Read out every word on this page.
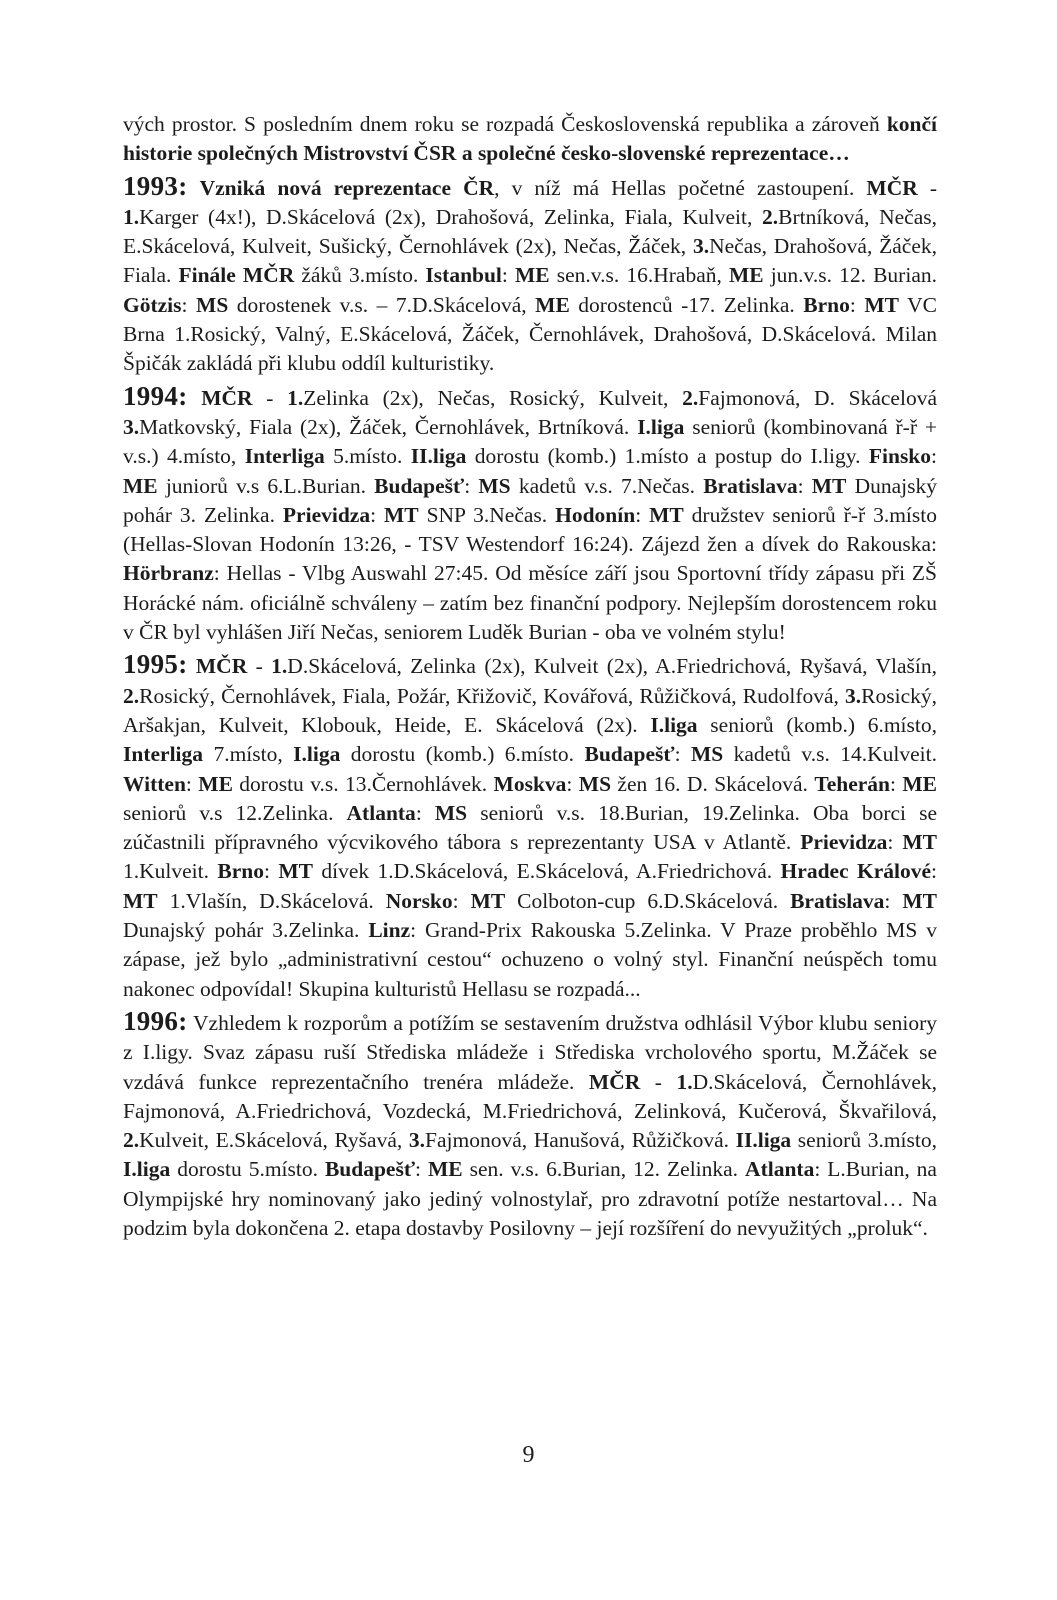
vých prostor. S posledním dnem roku se rozpadá Československá republika a zároveň končí historie společných Mistrovství ČSR a společné česko-slovenské reprezentace…

1993: Vzniká nová reprezentace ČR, v níž má Hellas početné zastoupení. MČR - 1.Karger (4x!), D.Skácelová (2x), Drahošová, Zelinka, Fiala, Kulveit, 2.Brtníková, Nečas, E.Skácelová, Kulveit, Sušický, Černohlávek (2x), Nečas, Žáček, 3.Nečas, Drahošová, Žáček, Fiala. Finále MČR žáků 3.místo. Istanbul: ME sen.v.s. 16.Hrabaň, ME jun.v.s. 12. Burian. Götzis: MS dorostenek v.s. – 7.D.Skácelová, ME dorostenců -17. Zelinka. Brno: MT VC Brna 1.Rosický, Valný, E.Skácelová, Žáček, Černohlávek, Drahošová, D.Skácelová. Milan Špičák zakládá při klubu oddíl kulturistiky.

1994: MČR - 1.Zelinka (2x), Nečas, Rosický, Kulveit, 2.Fajmonová, D. Skácelová 3.Matkovský, Fiala (2x), Žáček, Černohlávek, Brtníková. I.liga seniorů (kombinovaná ř-ř + v.s.) 4.místo, Interliga 5.místo. II.liga dorostu (komb.) 1.místo a postup do I.ligy. Finsko: ME juniorů v.s 6.L.Burian. Budapešť: MS kadetů v.s. 7.Nečas. Bratislava: MT Dunajský pohár 3. Zelinka. Prievidza: MT SNP 3.Nečas. Hodonín: MT družstev seniorů ř-ř 3.místo (Hellas-Slovan Hodonín 13:26, - TSV Westendorf 16:24). Zájezd žen a dívek do Rakouska: Hörbranz: Hellas - Vlbg Auswahl 27:45. Od měsíce září jsou Sportovní třídy zápasu při ZŠ Horácké nám. oficiálně schváleny – zatím bez finanční podpory. Nejlepším dorostencem roku v ČR byl vyhlášen Jiří Nečas, seniorem Luděk Burian - oba ve volném stylu!

1995: MČR - 1.D.Skácelová, Zelinka (2x), Kulveit (2x), A.Friedrichová, Ryšavá, Vlašín, 2.Rosický, Černohlávek, Fiala, Požár, Křižovič, Kovářová, Růžičková, Rudolfová, 3.Rosický, Aršakjan, Kulveit, Klobouk, Heide, E. Skácelová (2x). I.liga seniorů (komb.) 6.místo, Interliga 7.místo, I.liga dorostu (komb.) 6.místo. Budapešť: MS kadetů v.s. 14.Kulveit. Witten: ME dorostu v.s. 13.Černohlávek. Moskva: MS žen 16. D. Skácelová. Teherán: ME seniorů v.s 12.Zelinka. Atlanta: MS seniorů v.s. 18.Burian, 19.Zelinka. Oba borci se zúčastnili přípravného výcvikového tábora s reprezentanty USA v Atlantě. Prievidza: MT 1.Kulveit. Brno: MT dívek 1.D.Skácelová, E.Skácelová, A.Friedrichová. Hradec Králové: MT 1.Vlašín, D.Skácelová. Norsko: MT Colboton-cup 6.D.Skácelová. Bratislava: MT Dunajský pohár 3.Zelinka. Linz: Grand-Prix Rakouska 5.Zelinka. V Praze proběhlo MS v zápase, jež bylo „administrativní cestou“ ochuzeno o volný styl. Finanční neúspěch tomu nakonec odpovídal! Skupina kulturistů Hellasu se rozpadá...

1996: Vzhledem k rozporům a potížím se sestavením družstva odhlásil Výbor klubu seniory z I.ligy. Svaz zápasu ruší Střediska mládeže i Střediska vrcholového sportu, M.Žáček se vzdává funkce reprezentačního trenéra mládeže. MČR - 1.D.Skácelová, Černohlávek, Fajmonová, A.Friedrichová, Vozdecká, M.Friedrichová, Zelinková, Kučerová, Škvařilová, 2.Kulveit, E.Skácelová, Ryšavá, 3.Fajmonová, Hanušová, Růžičková. II.liga seniorů 3.místo, I.liga dorostu 5.místo. Budapešť: ME sen. v.s. 6.Burian, 12. Zelinka. Atlanta: L.Burian, na Olympijské hry nominovaný jako jediný volnostylař, pro zdravotní potíže nestartoval… Na podzim byla dokončena 2. etapa dostavby Posilovny – její rozšíření do nevyužitých „proluk“.

9
